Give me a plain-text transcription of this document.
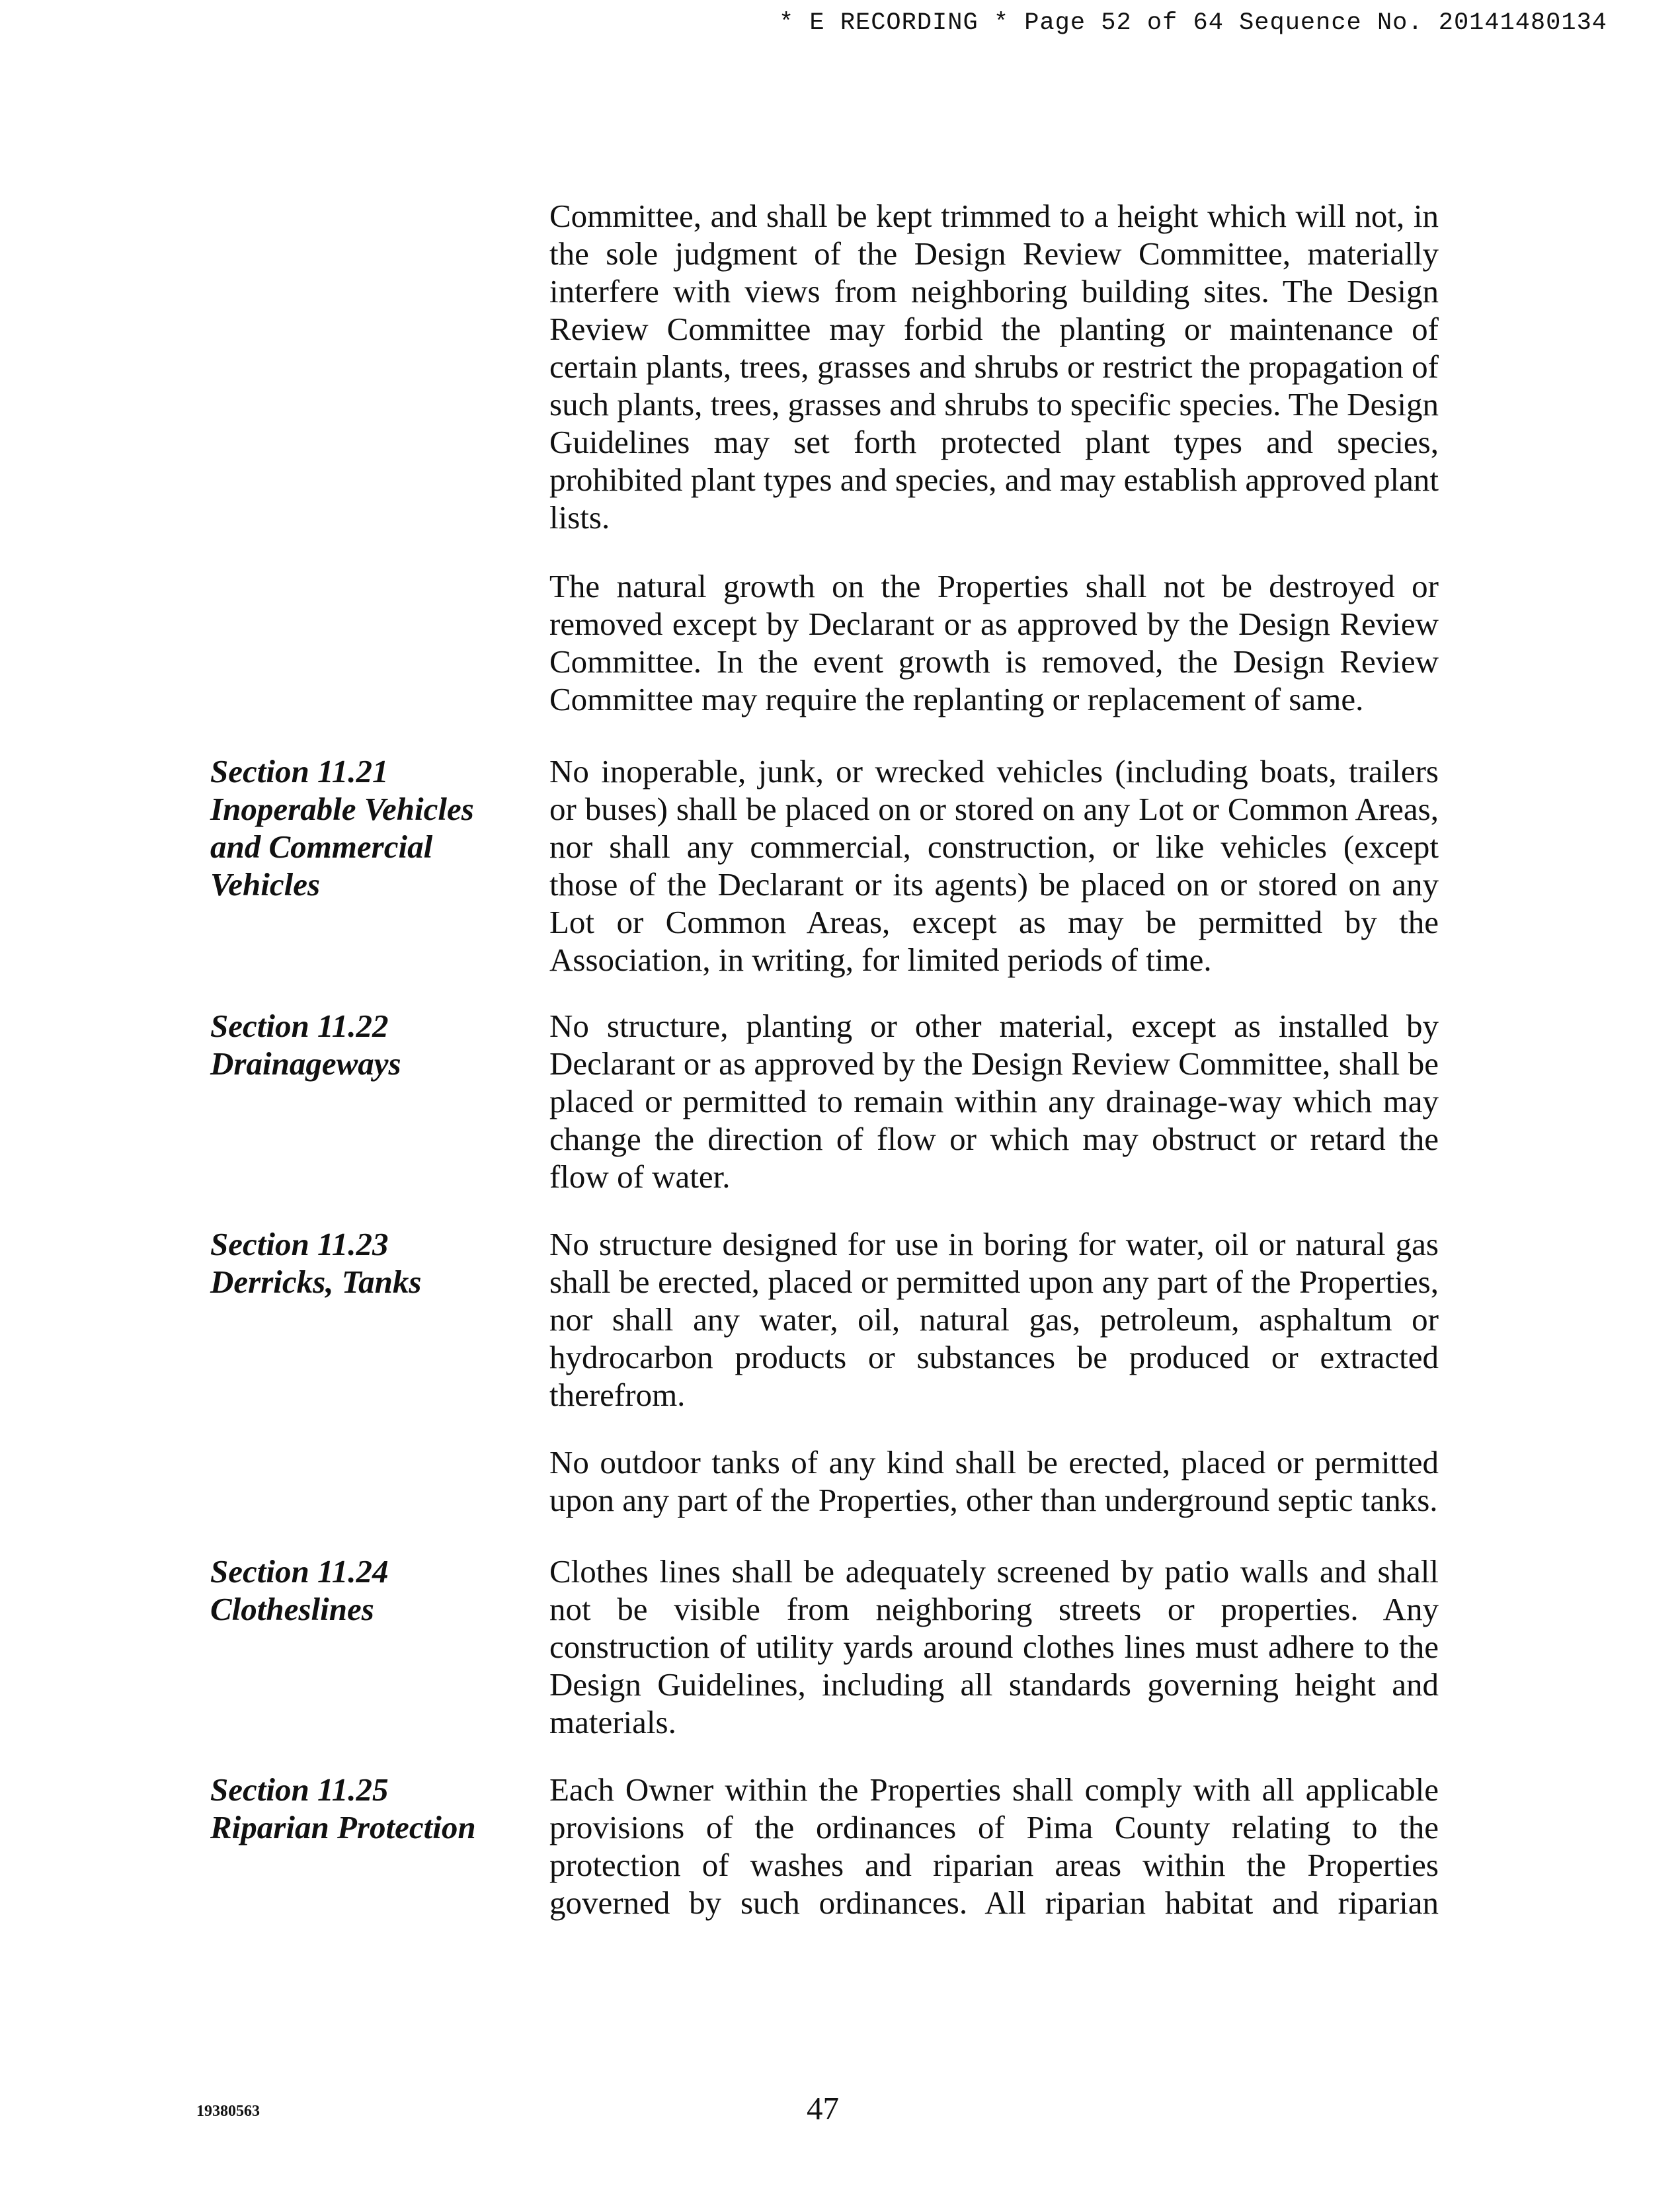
* E RECORDING * Page 52 of 64 Sequence No. 20141480134

Committee, and shall be kept trimmed to a height which will not, in the sole judgment of the Design Review Committee, materially interfere with views from neighboring building sites. The Design Review Committee may forbid the planting or maintenance of certain plants, trees, grasses and shrubs or restrict the propagation of such plants, trees, grasses and shrubs to specific species. The Design Guidelines may set forth protected plant types and species, prohibited plant types and species, and may establish approved plant lists.

The natural growth on the Properties shall not be destroyed or removed except by Declarant or as approved by the Design Review Committee. In the event growth is removed, the Design Review Committee may require the replanting or replacement of same.

Section 11.21
Inoperable Vehicles
and Commercial
Vehicles

No inoperable, junk, or wrecked vehicles (including boats, trailers or buses) shall be placed on or stored on any Lot or Common Areas, nor shall any commercial, construction, or like vehicles (except those of the Declarant or its agents) be placed on or stored on any Lot or Common Areas, except as may be permitted by the Association, in writing, for limited periods of time.

Section 11.22
Drainageways

No structure, planting or other material, except as installed by Declarant or as approved by the Design Review Committee, shall be placed or permitted to remain within any drainage-way which may change the direction of flow or which may obstruct or retard the flow of water.

Section 11.23
Derricks, Tanks

No structure designed for use in boring for water, oil or natural gas shall be erected, placed or permitted upon any part of the Properties, nor shall any water, oil, natural gas, petroleum, asphaltum or hydrocarbon products or substances be produced or extracted therefrom.

No outdoor tanks of any kind shall be erected, placed or permitted upon any part of the Properties, other than underground septic tanks.

Section 11.24
Clotheslines

Clothes lines shall be adequately screened by patio walls and shall not be visible from neighboring streets or properties. Any construction of utility yards around clothes lines must adhere to the Design Guidelines, including all standards governing height and materials.

Section 11.25
Riparian Protection

Each Owner within the Properties shall comply with all applicable provisions of the ordinances of Pima County relating to the protection of washes and riparian areas within the Properties governed by such ordinances. All riparian habitat and riparian

19380563	47
